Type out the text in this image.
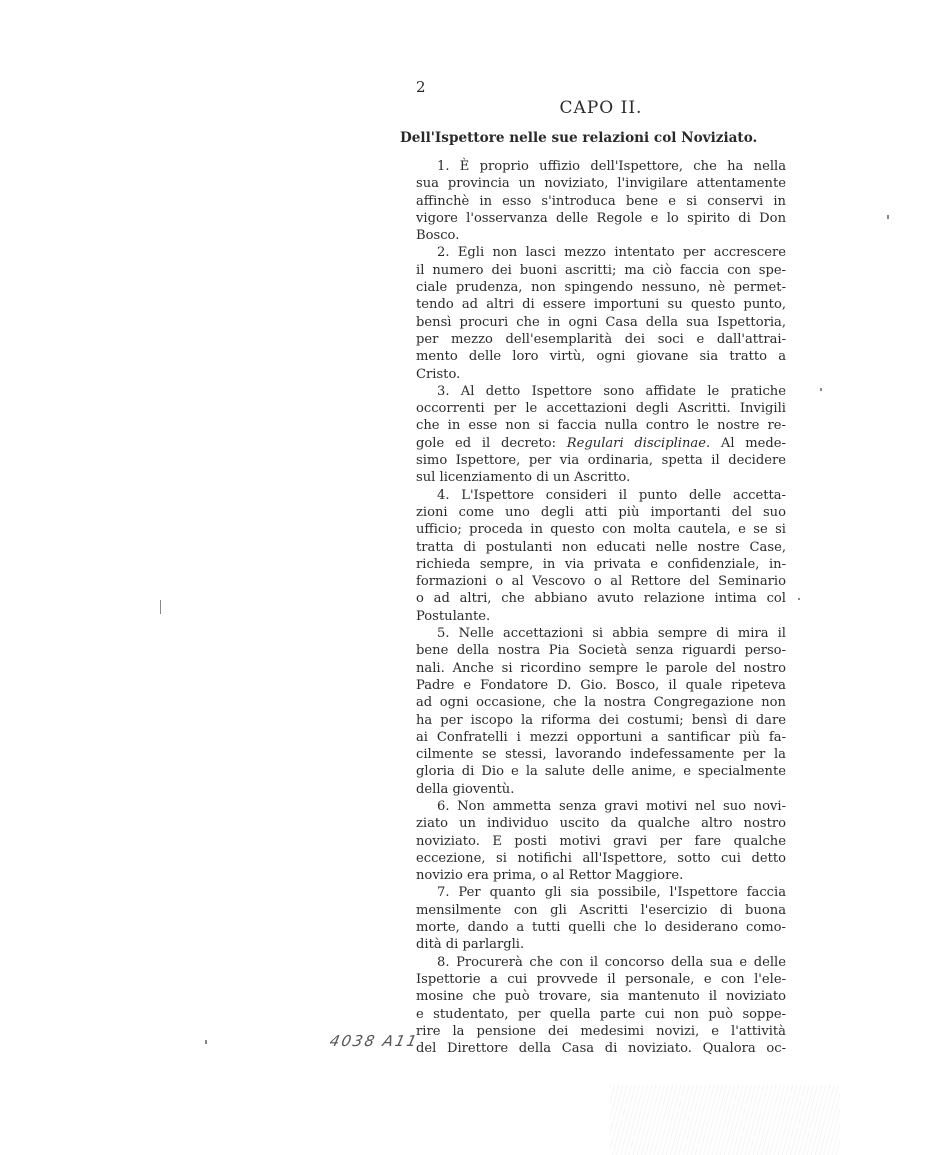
2
CAPO II.
Dell'Ispettore nelle sue relazioni col Noviziato.
1. È proprio uffizio dell'Ispettore, che ha nella
sua provincia un noviziato, l'invigilare attentamente
affinchè in esso s'introduca bene e si conservi in
vigore l'osservanza delle Regole e lo spirito di Don
Bosco.
2. Egli non lasci mezzo intentato per accrescere
il numero dei buoni ascritti; ma ciò faccia con spe-
ciale prudenza, non spingendo nessuno, nè permet-
tendo ad altri di essere importuni su questo punto,
bensì procuri che in ogni Casa della sua Ispettoria,
per mezzo dell'esemplarità dei soci e dall'attrai-
mento delle loro virtù, ogni giovane sia tratto a
Cristo.
3. Al detto Ispettore sono affidate le pratiche
occorrenti per le accettazioni degli Ascritti. Invigili
che in esse non si faccia nulla contro le nostre re-
gole ed il decreto: Regulari disciplinae. Al mede-
simo Ispettore, per via ordinaria, spetta il decidere
sul licenziamento di un Ascritto.
4. L'Ispettore consideri il punto delle accetta-
zioni come uno degli atti più importanti del suo
ufficio; proceda in questo con molta cautela, e se si
tratta di postulanti non educati nelle nostre Case,
richieda sempre, in via privata e confidenziale, in-
formazioni o al Vescovo o al Rettore del Seminario
o ad altri, che abbiano avuto relazione intima col
Postulante.
5. Nelle accettazioni si abbia sempre di mira il
bene della nostra Pia Società senza riguardi perso-
nali. Anche si ricordino sempre le parole del nostro
Padre e Fondatore D. Gio. Bosco, il quale ripeteva
ad ogni occasione, che la nostra Congregazione non
ha per iscopo la riforma dei costumi; bensì di dare
ai Confratelli i mezzi opportuni a santificar più fa-
cilmente se stessi, lavorando indefessamente per la
gloria di Dio e la salute delle anime, e specialmente
della gioventù.
6. Non ammetta senza gravi motivi nel suo novi-
ziato un individuo uscito da qualche altro nostro
noviziato. E posti motivi gravi per fare qualche
eccezione, si notifichi all'Ispettore, sotto cui detto
novizio era prima, o al Rettor Maggiore.
7. Per quanto gli sia possibile, l'Ispettore faccia
mensilmente con gli Ascritti l'esercizio di buona
morte, dando a tutti quelli che lo desiderano como-
dità di parlargli.
8. Procurerà che con il concorso della sua e delle
Ispettorie a cui provvede il personale, e con l'ele-
mosine che può trovare, sia mantenuto il noviziato
e studentato, per quella parte cui non può soppe-
rire la pensione dei medesimi novizi, e l'attività
del Direttore della Casa di noviziato. Qualora oc-
4038 A11
